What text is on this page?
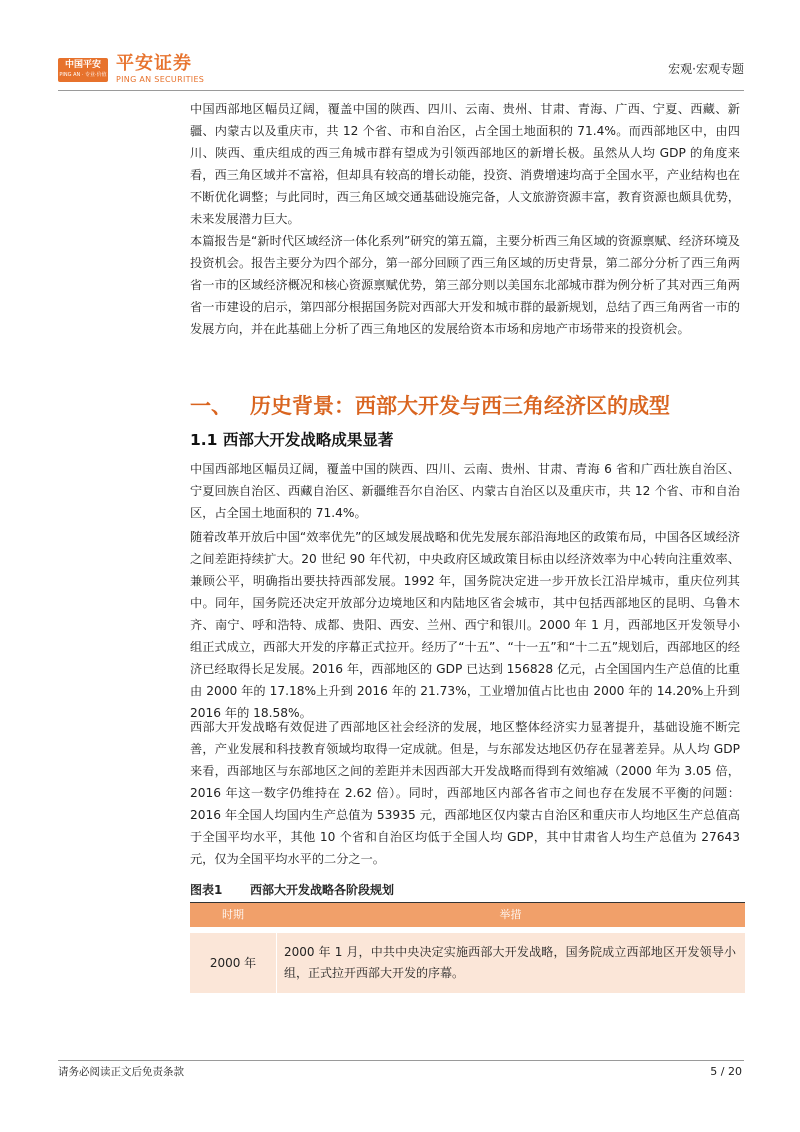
中国平安
PING AN · 专业·价值
平安证券
PING AN SECURITIES
宏观·宏观专题

中国西部地区幅员辽阔，覆盖中国的陕西、四川、云南、贵州、甘肃、青海、广西、宁夏、西藏、新疆、内蒙古以及重庆市，共 12 个省、市和自治区，占全国土地面积的 71.4%。而西部地区中，由四川、陕西、重庆组成的西三角城市群有望成为引领西部地区的新增长极。虽然从人均 GDP 的角度来看，西三角区域并不富裕，但却具有较高的增长动能，投资、消费增速均高于全国水平，产业结构也在不断优化调整；与此同时，西三角区域交通基础设施完备，人文旅游资源丰富，教育资源也颇具优势，未来发展潜力巨大。

本篇报告是“新时代区域经济一体化系列”研究的第五篇，主要分析西三角区域的资源禀赋、经济环境及投资机会。报告主要分为四个部分，第一部分回顾了西三角区域的历史背景，第二部分分析了西三角两省一市的区域经济概况和核心资源禀赋优势，第三部分则以美国东北部城市群为例分析了其对西三角两省一市建设的启示，第四部分根据国务院对西部大开发和城市群的最新规划，总结了西三角两省一市的发展方向，并在此基础上分析了西三角地区的发展给资本市场和房地产市场带来的投资机会。

一、 历史背景：西部大开发与西三角经济区的成型
1.1 西部大开发战略成果显著

中国西部地区幅员辽阔，覆盖中国的陕西、四川、云南、贵州、甘肃、青海 6 省和广西壮族自治区、宁夏回族自治区、西藏自治区、新疆维吾尔自治区、内蒙古自治区以及重庆市，共 12 个省、市和自治区，占全国土地面积的 71.4%。

随着改革开放后中国“效率优先”的区域发展战略和优先发展东部沿海地区的政策布局，中国各区域经济之间差距持续扩大。20 世纪 90 年代初，中央政府区域政策目标由以经济效率为中心转向注重效率、兼顾公平，明确指出要扶持西部发展。1992 年，国务院决定进一步开放长江沿岸城市，重庆位列其中。同年，国务院还决定开放部分边境地区和内陆地区省会城市，其中包括西部地区的昆明、乌鲁木齐、南宁、呼和浩特、成都、贵阳、西安、兰州、西宁和银川。2000 年 1 月，西部地区开发领导小组正式成立，西部大开发的序幕正式拉开。经历了“十五”、“十一五”和“十二五”规划后，西部地区的经济已经取得长足发展。2016 年，西部地区的 GDP 已达到 156828 亿元，占全国国内生产总值的比重由 2000 年的 17.18%上升到 2016 年的 21.73%，工业增加值占比也由 2000 年的 14.20%上升到 2016 年的 18.58%。

西部大开发战略有效促进了西部地区社会经济的发展，地区整体经济实力显著提升，基础设施不断完善，产业发展和科技教育领域均取得一定成就。但是，与东部发达地区仍存在显著差异。从人均 GDP 来看，西部地区与东部地区之间的差距并未因西部大开发战略而得到有效缩减（2000 年为 3.05 倍，2016 年这一数字仍维持在 2.62 倍）。同时，西部地区内部各省市之间也存在发展不平衡的问题：2016 年全国人均国内生产总值为 53935 元，西部地区仅内蒙古自治区和重庆市人均地区生产总值高于全国平均水平，其他 10 个省和自治区均低于全国人均 GDP，其中甘肃省人均生产总值为 27643 元，仅为全国平均水平的二分之一。

图表1 西部大开发战略各阶段规划
时期	举措
2000 年
2000 年 1 月，中共中央决定实施西部大开发战略，国务院成立西部地区开发领导小组，正式拉开西部大开发的序幕。
请务必阅读正文后免责条款	5 / 20
